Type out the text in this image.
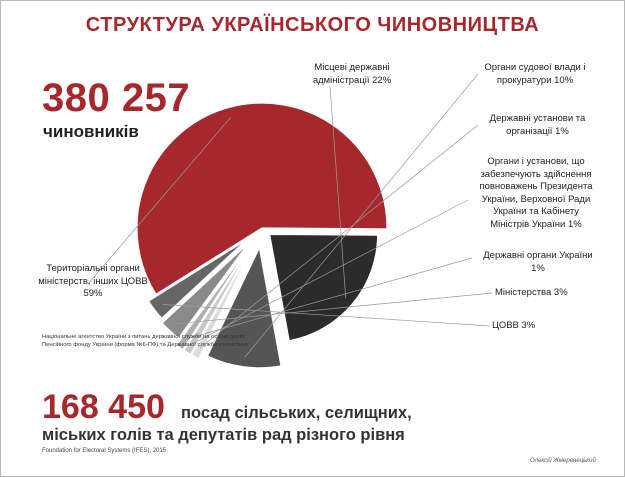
СТРУКТУРА УКРАЇНСЬКОГО ЧИНОВНИЦТВА
380 257
чиновників
Територіальні органи
міністерств, інших ЦОВВ
59%
Місцеві державні
адміністрації 22%
Органи судової влади і
прокуратури 10%
Державні установи та
організації 1%
Органи і установи, що
забезпечують здійснення
повноважень Президента
України, Верховної Ради
України та Кабінету
Міністрів України 1%
Державні органи України
1%
Міністерства 3%
ЦОВВ 3%
Національне агентство України з питань державної служби на основі даних
Пенсійного фонду України (форма №6-ПФ) та Державної служби статистики
168 450 посад сільських, селищних,
міських голів та депутатів рад різного рівня
Foundation for Electoral Systems (IFES), 2015
Олексій Жмеренецький
